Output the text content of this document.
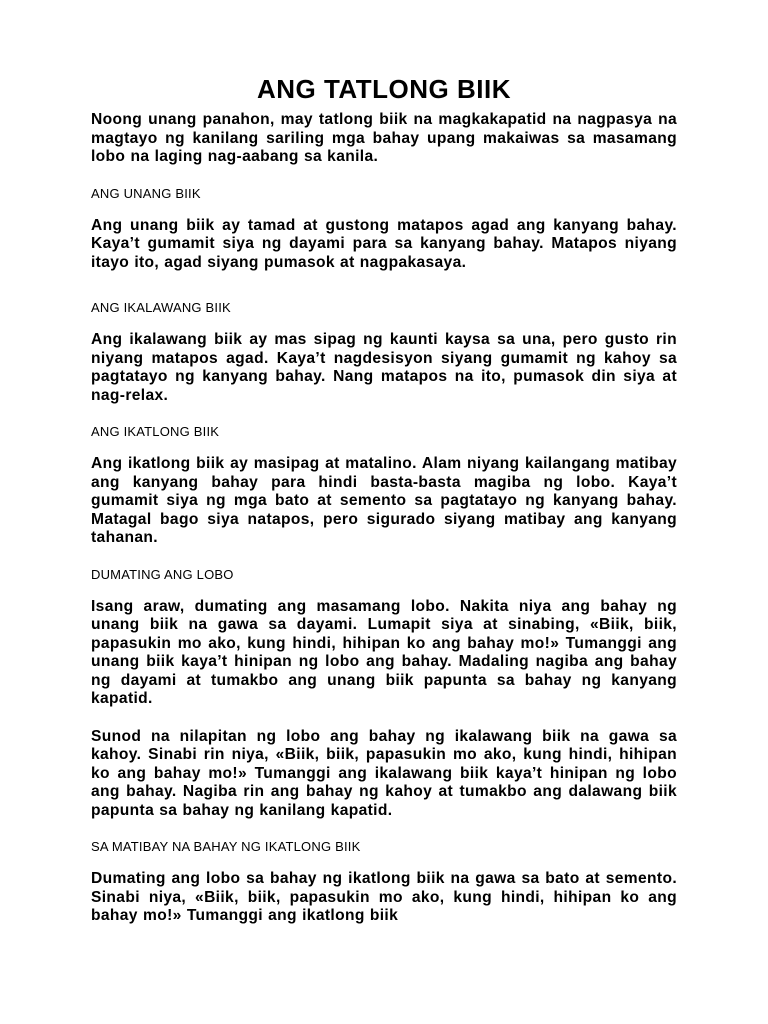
ANG TATLONG BIIK

Noong unang panahon, may tatlong biik na magkakapatid na nagpasya na magtayo ng kanilang sariling mga bahay upang makaiwas sa masamang lobo na laging nag-aabang sa kanila.

ANG UNANG BIIK

Ang unang biik ay tamad at gustong matapos agad ang kanyang bahay. Kaya’t gumamit siya ng dayami para sa kanyang bahay. Matapos niyang itayo ito, agad siyang pumasok at nagpakasaya.

ANG IKALAWANG BIIK

Ang ikalawang biik ay mas sipag ng kaunti kaysa sa una, pero gusto rin niyang matapos agad. Kaya’t nagdesisyon siyang gumamit ng kahoy sa pagtatayo ng kanyang bahay. Nang matapos na ito, pumasok din siya at nag-relax.

ANG IKATLONG BIIK

Ang ikatlong biik ay masipag at matalino. Alam niyang kailangang matibay ang kanyang bahay para hindi basta-basta magiba ng lobo. Kaya’t gumamit siya ng mga bato at semento sa pagtatayo ng kanyang bahay. Matagal bago siya natapos, pero sigurado siyang matibay ang kanyang tahanan.

DUMATING ANG LOBO

Isang araw, dumating ang masamang lobo. Nakita niya ang bahay ng unang biik na gawa sa dayami. Lumapit siya at sinabing, «Biik, biik, papasukin mo ako, kung hindi, hihipan ko ang bahay mo!» Tumanggi ang unang biik kaya’t hinipan ng lobo ang bahay. Madaling nagiba ang bahay ng dayami at tumakbo ang unang biik papunta sa bahay ng kanyang kapatid.

Sunod na nilapitan ng lobo ang bahay ng ikalawang biik na gawa sa kahoy. Sinabi rin niya, «Biik, biik, papasukin mo ako, kung hindi, hihipan ko ang bahay mo!» Tumanggi ang ikalawang biik kaya’t hinipan ng lobo ang bahay. Nagiba rin ang bahay ng kahoy at tumakbo ang dalawang biik papunta sa bahay ng kanilang kapatid.

SA MATIBAY NA BAHAY NG IKATLONG BIIK

Dumating ang lobo sa bahay ng ikatlong biik na gawa sa bato at semento. Sinabi niya, «Biik, biik, papasukin mo ako, kung hindi, hihipan ko ang bahay mo!» Tumanggi ang ikatlong biik
